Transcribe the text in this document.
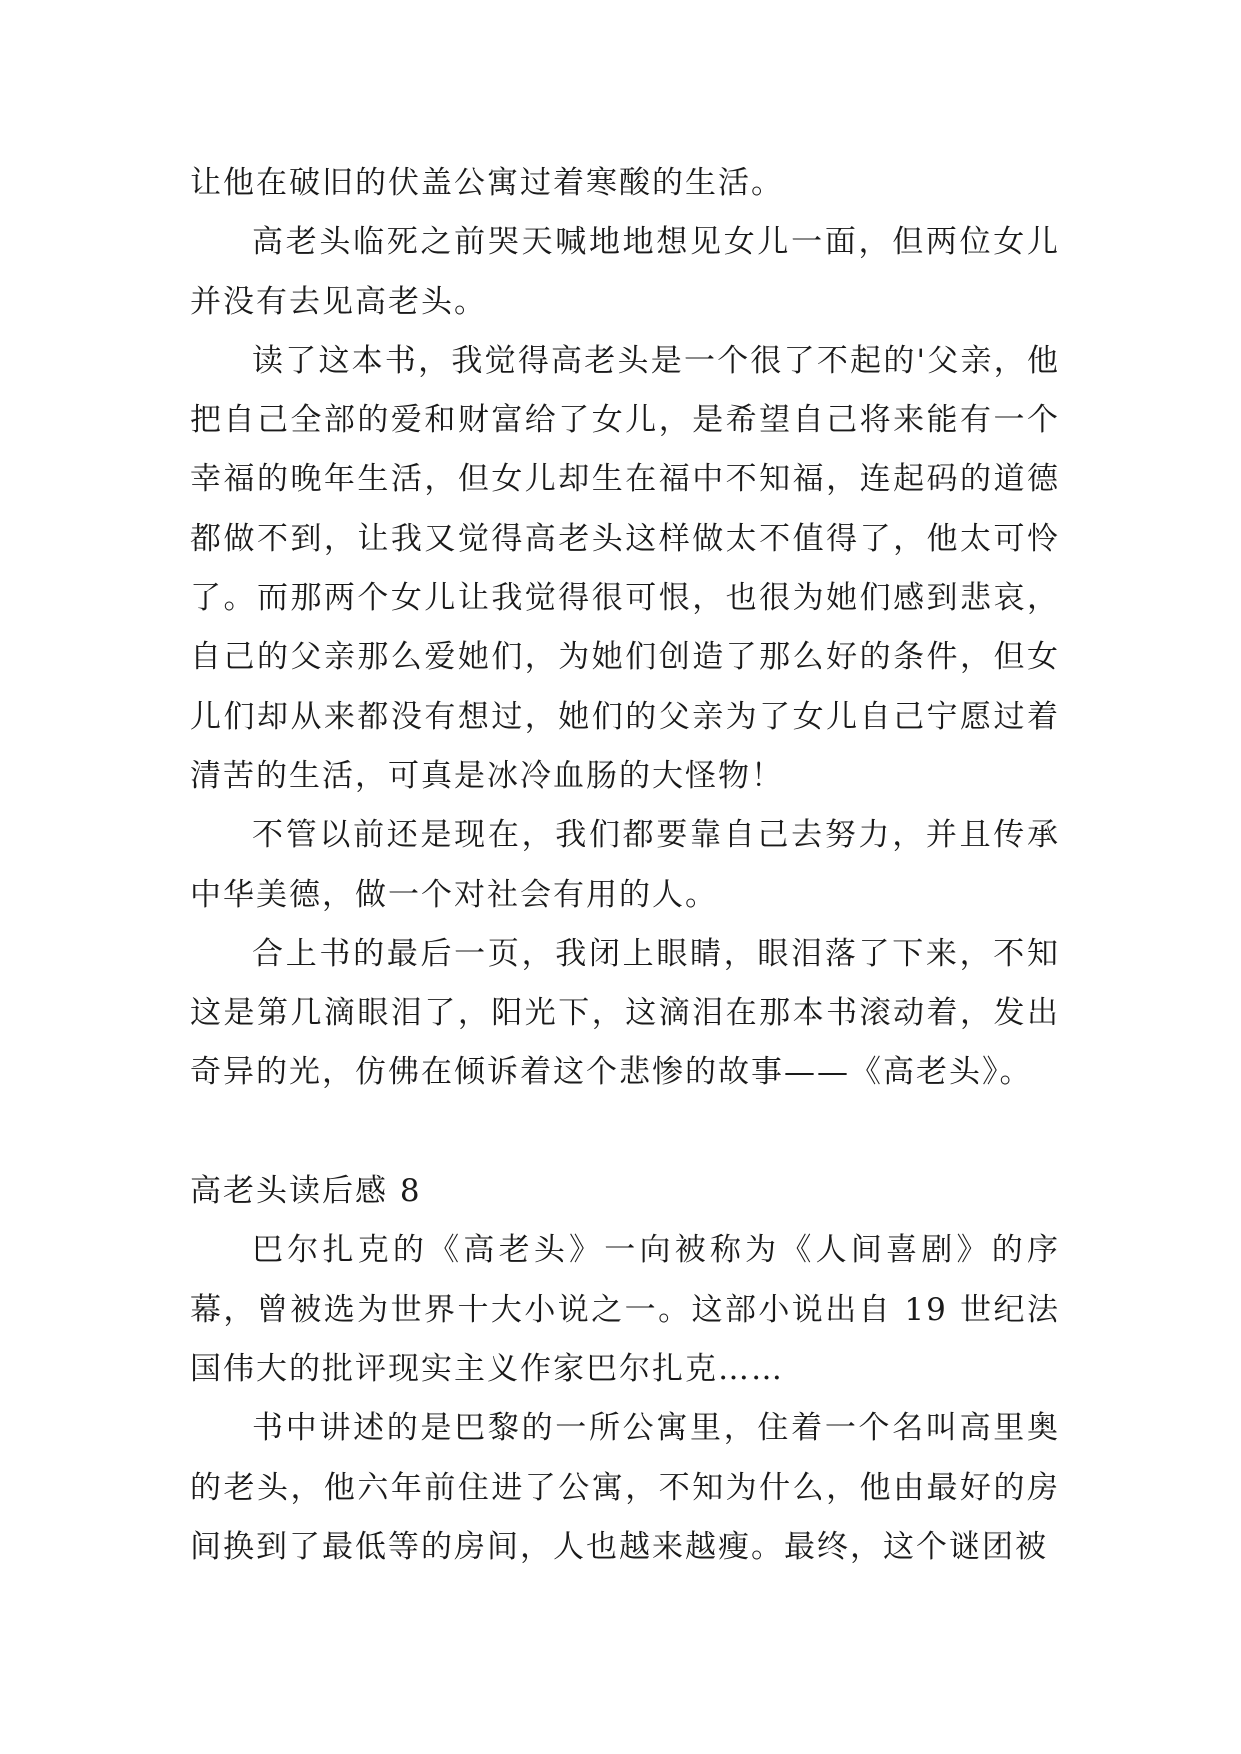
让他在破旧的伏盖公寓过着寒酸的生活。

高老头临死之前哭天喊地地想见女儿一面，但两位女儿并没有去见高老头。

读了这本书，我觉得高老头是一个很了不起的'父亲，他把自己全部的爱和财富给了女儿，是希望自己将来能有一个幸福的晚年生活，但女儿却生在福中不知福，连起码的道德都做不到，让我又觉得高老头这样做太不值得了，他太可怜了。而那两个女儿让我觉得很可恨，也很为她们感到悲哀，自己的父亲那么爱她们，为她们创造了那么好的条件，但女儿们却从来都没有想过，她们的父亲为了女儿自己宁愿过着清苦的生活，可真是冰冷血肠的大怪物！

不管以前还是现在，我们都要靠自己去努力，并且传承中华美德，做一个对社会有用的人。

合上书的最后一页，我闭上眼睛，眼泪落了下来，不知这是第几滴眼泪了，阳光下，这滴泪在那本书滚动着，发出奇异的光，仿佛在倾诉着这个悲惨的故事——《高老头》。

高老头读后感 8

巴尔扎克的《高老头》一向被称为《人间喜剧》的序幕，曾被选为世界十大小说之一。这部小说出自 19 世纪法国伟大的批评现实主义作家巴尔扎克……

书中讲述的是巴黎的一所公寓里，住着一个名叫高里奥的老头，他六年前住进了公寓，不知为什么，他由最好的房间换到了最低等的房间，人也越来越瘦。最终，这个谜团被
